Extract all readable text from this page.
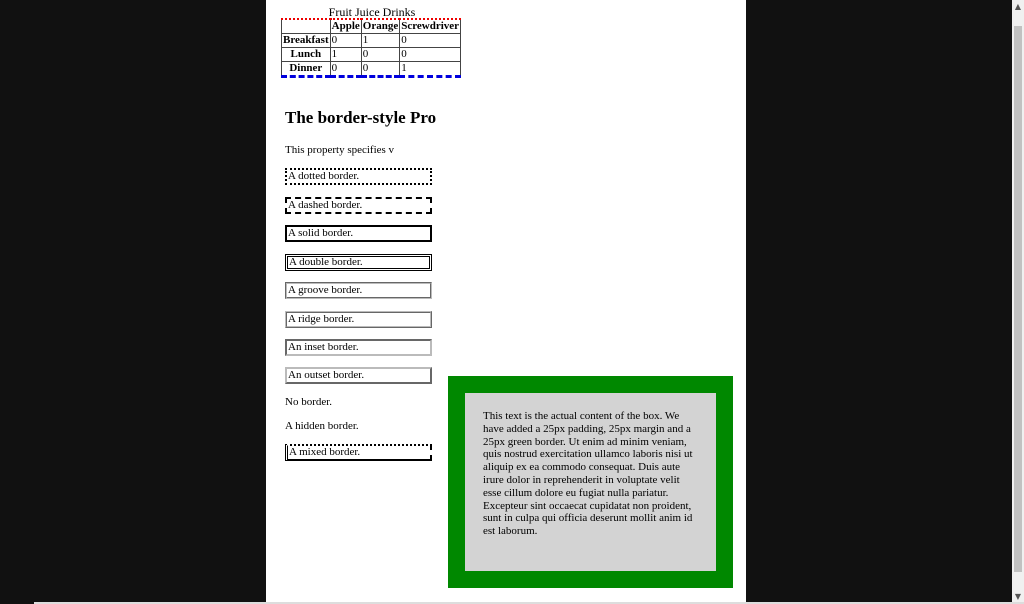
Fruit Juice Drinks
	Apple	Orange	Screwdriver
Breakfast	0	1	0
Lunch	1	0	0
Dinner	0	0	1
The border-style Pro
This property specifies v
A dotted border.
A dashed border.
A solid border.
A double border.
A groove border.
A ridge border.
An inset border.
An outset border.
No border.
A hidden border.
A mixed border.
This text is the actual content of the box. We have added a 25px padding, 25px margin and a 25px green border. Ut enim ad minim veniam, quis nostrud exercitation ullamco laboris nisi ut aliquip ex ea commodo consequat. Duis aute irure dolor in reprehenderit in voluptate velit esse cillum dolore eu fugiat nulla pariatur. Excepteur sint occaecat cupidatat non proident, sunt in culpa qui officia deserunt mollit anim id est laborum.
▲
▼
